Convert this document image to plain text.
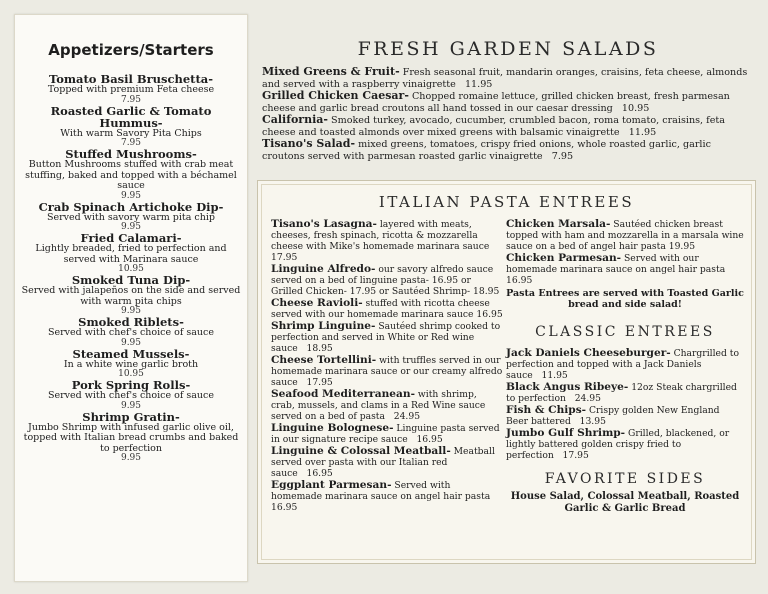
Appetizers/Starters
Tomato Basil Bruschetta-
Topped with premium Feta cheese
7.95
Roasted Garlic & Tomato Hummus-
With warm Savory Pita Chips
7.95
Stuffed Mushrooms-
Button Mushrooms stuffed with crab meat stuffing, baked and topped with a béchamel sauce
9.95
Crab Spinach Artichoke Dip-
Served with savory warm pita chip
9.95
Fried Calamari-
Lightly breaded, fried to perfection and served with Marinara sauce
10.95
Smoked Tuna Dip-
Served with jalapeños on the side and served with warm pita chips
9.95
Smoked Riblets-
Served with chef's choice of sauce
9.95
Steamed Mussels-
In a white wine garlic broth
10.95
Pork Spring Rolls-
Served with chef's choice of sauce
9.95
Shrimp Gratin-
Jumbo Shrimp with infused garlic olive oil, topped with Italian bread crumbs and baked to perfection
9.95
FRESH GARDEN SALADS
Mixed Greens & Fruit- Fresh seasonal fruit, mandarin oranges, craisins, feta cheese, almonds and served with a raspberry vinaigrette 11.95
Grilled Chicken Caesar- Chopped romaine lettuce, grilled chicken breast, fresh parmesan cheese and garlic bread croutons all hand tossed in our caesar dressing 10.95
California- Smoked turkey, avocado, cucumber, crumbled bacon, roma tomato, craisins, feta cheese and toasted almonds over mixed greens with balsamic vinaigrette 11.95
Tisano's Salad- mixed greens, tomatoes, crispy fried onions, whole roasted garlic, garlic croutons served with parmesan roasted garlic vinaigrette 7.95
ITALIAN PASTA ENTREES
Tisano's Lasagna- layered with meats, cheeses, fresh spinach, ricotta & mozzarella cheese with Mike's homemade marinara sauce 17.95
Linguine Alfredo- our savory alfredo sauce served on a bed of linguine pasta- 16.95 or Grilled Chicken- 17.95 or Sautéed Shrimp- 18.95
Cheese Ravioli- stuffed with ricotta cheese served with our homemade marinara sauce 16.95
Shrimp Linguine- Sautéed shrimp cooked to perfection and served in White or Red wine sauce 18.95
Cheese Tortellini- with truffles served in our homemade marinara sauce or our creamy alfredo sauce 17.95
Seafood Mediterranean- with shrimp, crab, mussels, and clams in a Red Wine sauce served on a bed of pasta 24.95
Linguine Bolognese- Linguine pasta served in our signature recipe sauce 16.95
Linguine & Colossal Meatball- Meatball served over pasta with our Italian red sauce 16.95
Eggplant Parmesan- Served with homemade marinara sauce on angel hair pasta 16.95
Chicken Marsala- Sautéed chicken breast topped with ham and mozzarella in a marsala wine sauce on a bed of angel hair pasta 19.95
Chicken Parmesan- Served with our homemade marinara sauce on angel hair pasta 16.95
Pasta Entrees are served with Toasted Garlic bread and side salad!
CLASSIC ENTREES
Jack Daniels Cheeseburger- Chargrilled to perfection and topped with a Jack Daniels sauce 11.95
Black Angus Ribeye- 12oz Steak chargrilled to perfection 24.95
Fish & Chips- Crispy golden New England Beer battered 13.95
Jumbo Gulf Shrimp- Grilled, blackened, or lightly battered golden crispy fried to perfection 17.95
FAVORITE SIDES
House Salad, Colossal Meatball, Roasted Garlic & Garlic Bread
